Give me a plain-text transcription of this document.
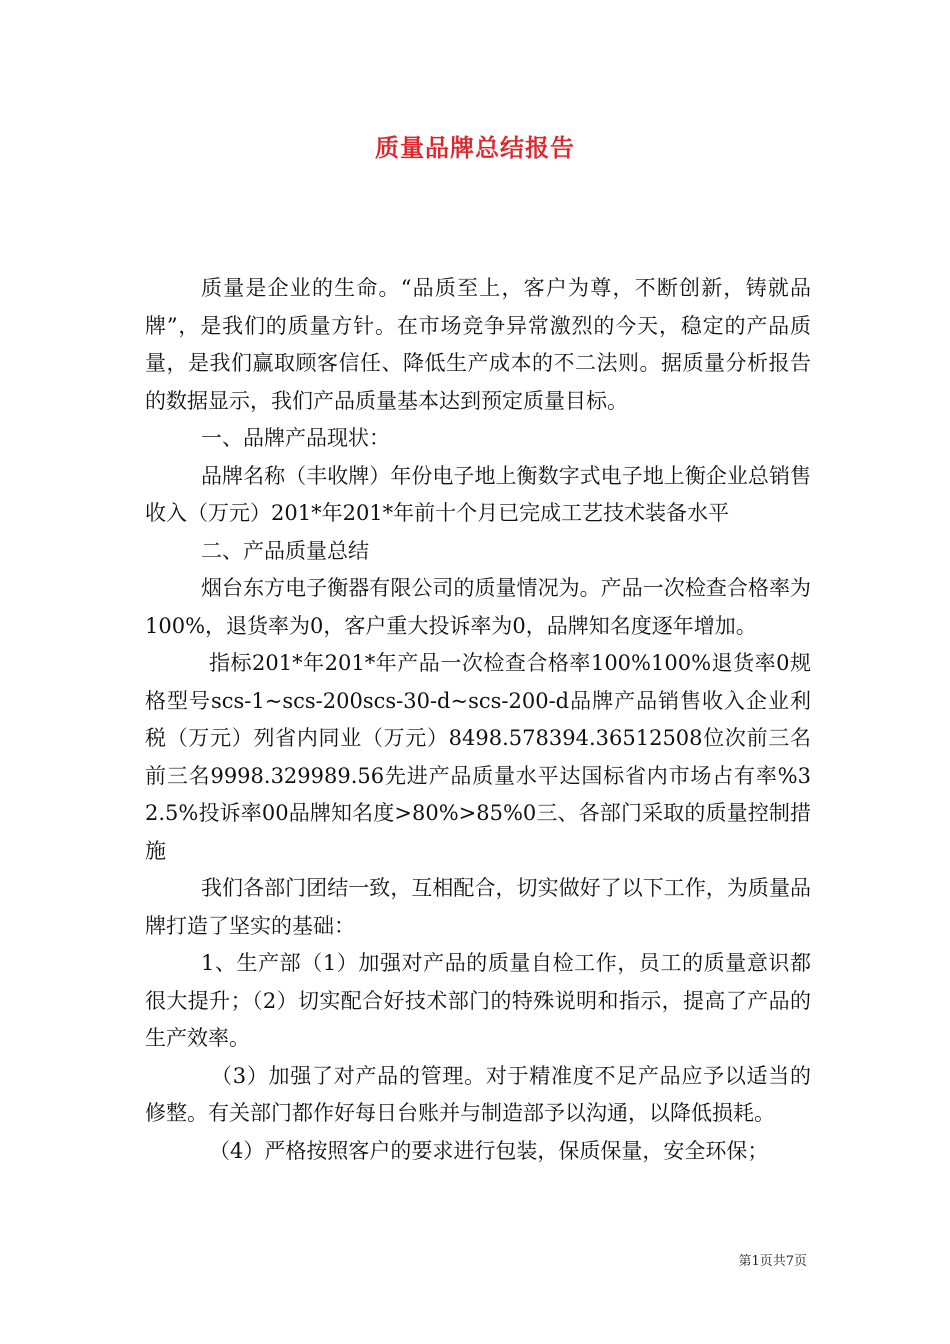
质量品牌总结报告

质量是企业的生命。“品质至上，客户为尊，不断创新，铸就品牌”，是我们的质量方针。在市场竞争异常激烈的今天，稳定的产品质量，是我们赢取顾客信任、降低生产成本的不二法则。据质量分析报告的数据显示，我们产品质量基本达到预定质量目标。

一、品牌产品现状：

品牌名称（丰收牌）年份电子地上衡数字式电子地上衡企业总销售收入（万元）201*年201*年前十个月已完成工艺技术装备水平

二、产品质量总结

烟台东方电子衡器有限公司的质量情况为。产品一次检查合格率为100%，退货率为0，客户重大投诉率为0，品牌知名度逐年增加。

指标201*年201*年产品一次检查合格率100%100%退货率0规格型号scs-1~scs-200scs-30-d~scs-200-d品牌产品销售收入企业利税（万元）列省内同业（万元）8498.578394.36512508位次前三名前三名9998.329989.56先进产品质量水平达国标省内市场占有率%32.5%投诉率00品牌知名度>80%>85%0三、各部门采取的质量控制措施

我们各部门团结一致，互相配合，切实做好了以下工作，为质量品牌打造了坚实的基础：

1、生产部（1）加强对产品的质量自检工作，员工的质量意识都很大提升；（2）切实配合好技术部门的特殊说明和指示，提高了产品的生产效率。

（3）加强了对产品的管理。对于精准度不足产品应予以适当的修整。有关部门都作好每日台账并与制造部予以沟通，以降低损耗。

（4）严格按照客户的要求进行包装，保质保量，安全环保；

第1页共7页
